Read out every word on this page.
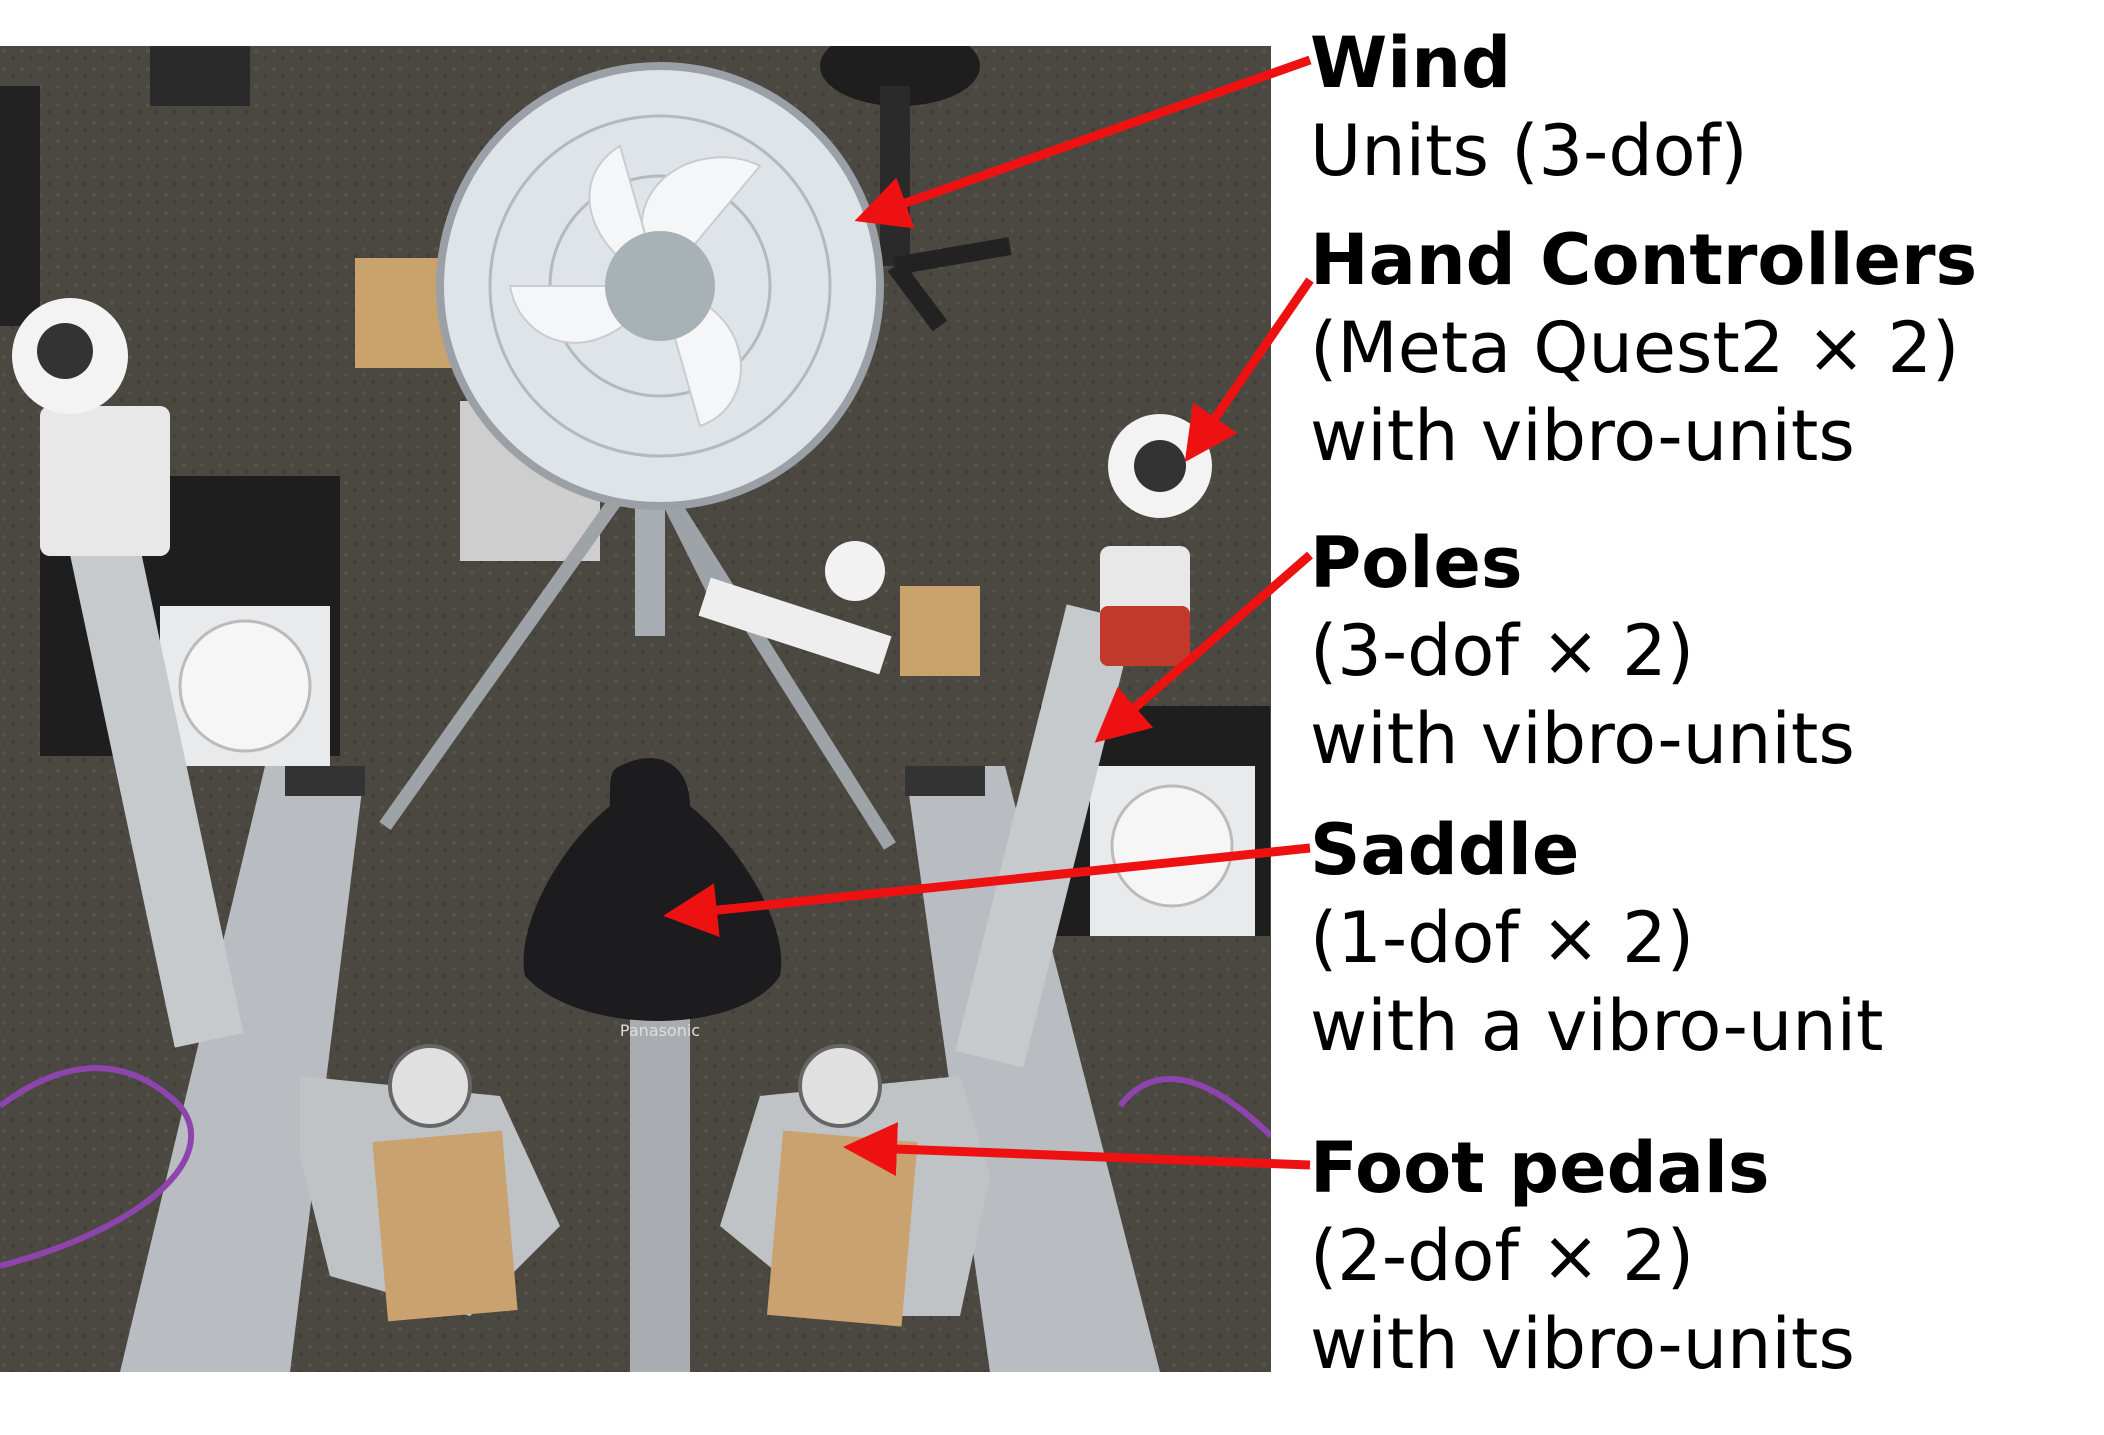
Panasonic
Wind
Units (3-dof)
Hand Controllers
(Meta Quest2 × 2)
with vibro-units
Poles
(3-dof × 2)
with vibro-units
Saddle
(1-dof × 2)
with a vibro-unit
Foot pedals
(2-dof × 2)
with vibro-units
